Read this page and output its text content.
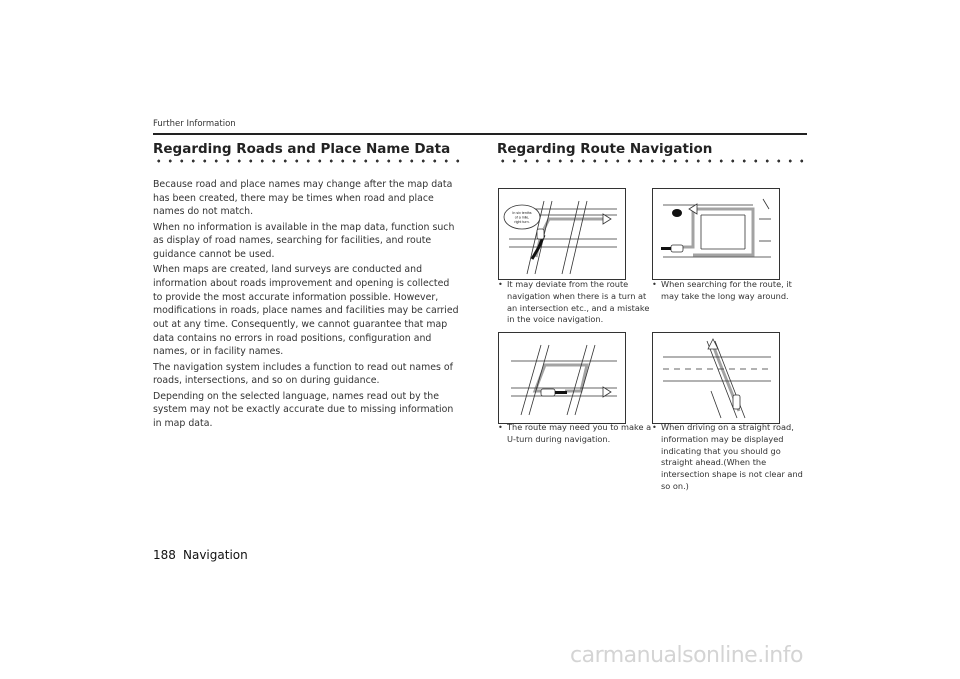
Further Information
Regarding Roads and Place Name Data

Because road and place names may change after the map data has been created, there may be times when road and place names do not match.

When no information is available in the map data, function such as display of road names, searching for facilities, and route guidance cannot be used.

When maps are created, land surveys are conducted and information about roads improvement and opening is collected to provide the most accurate information possible. However, modifications in roads, place names and facilities may be carried out at any time. Consequently, we cannot guarantee that map data contains no errors in road positions, configuration and names, or in facility names.

The navigation system includes a function to read out names of roads, intersections, and so on during guidance.

Depending on the selected language, names read out by the system may not be exactly accurate due to missing information in map data.

Regarding Route Navigation
In six tenths
of a mile,
right turn.
• It may deviate from the route navigation when there is a turn at an intersection etc., and a mistake in the voice navigation.
• When searching for the route, it may take the long way around.
• The route may need you to make a U-turn during navigation.
• When driving on a straight road, information may be displayed indicating that you should go straight ahead.(When the intersection shape is not clear and so on.)
188 Navigation
carmanualsonline.info
